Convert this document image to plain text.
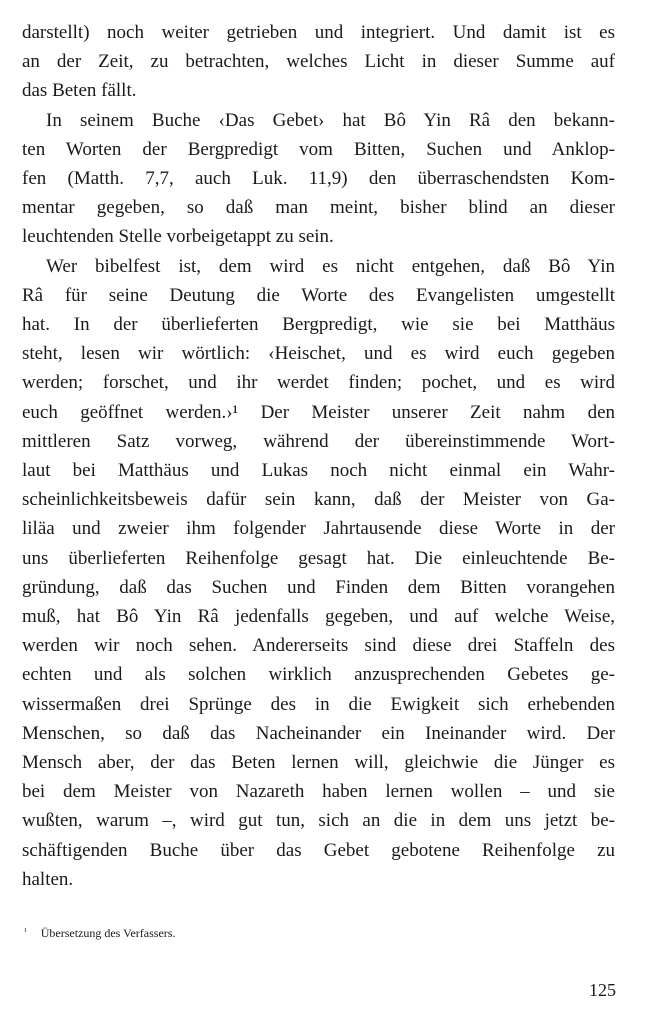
darstellt) noch weiter getrieben und integriert. Und damit ist es
an der Zeit, zu betrachten, welches Licht in dieser Summe auf
das Beten fällt.

In seinem Buche ‹Das Gebet› hat Bô Yin Râ den bekann-
ten Worten der Bergpredigt vom Bitten, Suchen und Anklop-
fen (Matth. 7,7, auch Luk. 11,9) den überraschendsten Kom-
mentar gegeben, so daß man meint, bisher blind an dieser
leuchtenden Stelle vorbeigetappt zu sein.

Wer bibelfest ist, dem wird es nicht entgehen, daß Bô Yin
Râ für seine Deutung die Worte des Evangelisten umgestellt
hat. In der überlieferten Bergpredigt, wie sie bei Matthäus
steht, lesen wir wörtlich: ‹Heischet, und es wird euch gegeben
werden; forschet, und ihr werdet finden; pochet, und es wird
euch geöffnet werden.›¹ Der Meister unserer Zeit nahm den
mittleren Satz vorweg, während der übereinstimmende Wort-
laut bei Matthäus und Lukas noch nicht einmal ein Wahr-
scheinlichkeitsbeweis dafür sein kann, daß der Meister von Ga-
liläa und zweier ihm folgender Jahrtausende diese Worte in der
uns überlieferten Reihenfolge gesagt hat. Die einleuchtende Be-
gründung, daß das Suchen und Finden dem Bitten vorangehen
muß, hat Bô Yin Râ jedenfalls gegeben, und auf welche Weise,
werden wir noch sehen. Andererseits sind diese drei Staffeln des
echten und als solchen wirklich anzusprechenden Gebetes ge-
wissermaßen drei Sprünge des in die Ewigkeit sich erhebenden
Menschen, so daß das Nacheinander ein Ineinander wird. Der
Mensch aber, der das Beten lernen will, gleichwie die Jünger es
bei dem Meister von Nazareth haben lernen wollen – und sie
wußten, warum –, wird gut tun, sich an die in dem uns jetzt be-
schäftigenden Buche über das Gebet gebotene Reihenfolge zu
halten.

$^{^1}$ Übersetzung des Verfassers.
125
